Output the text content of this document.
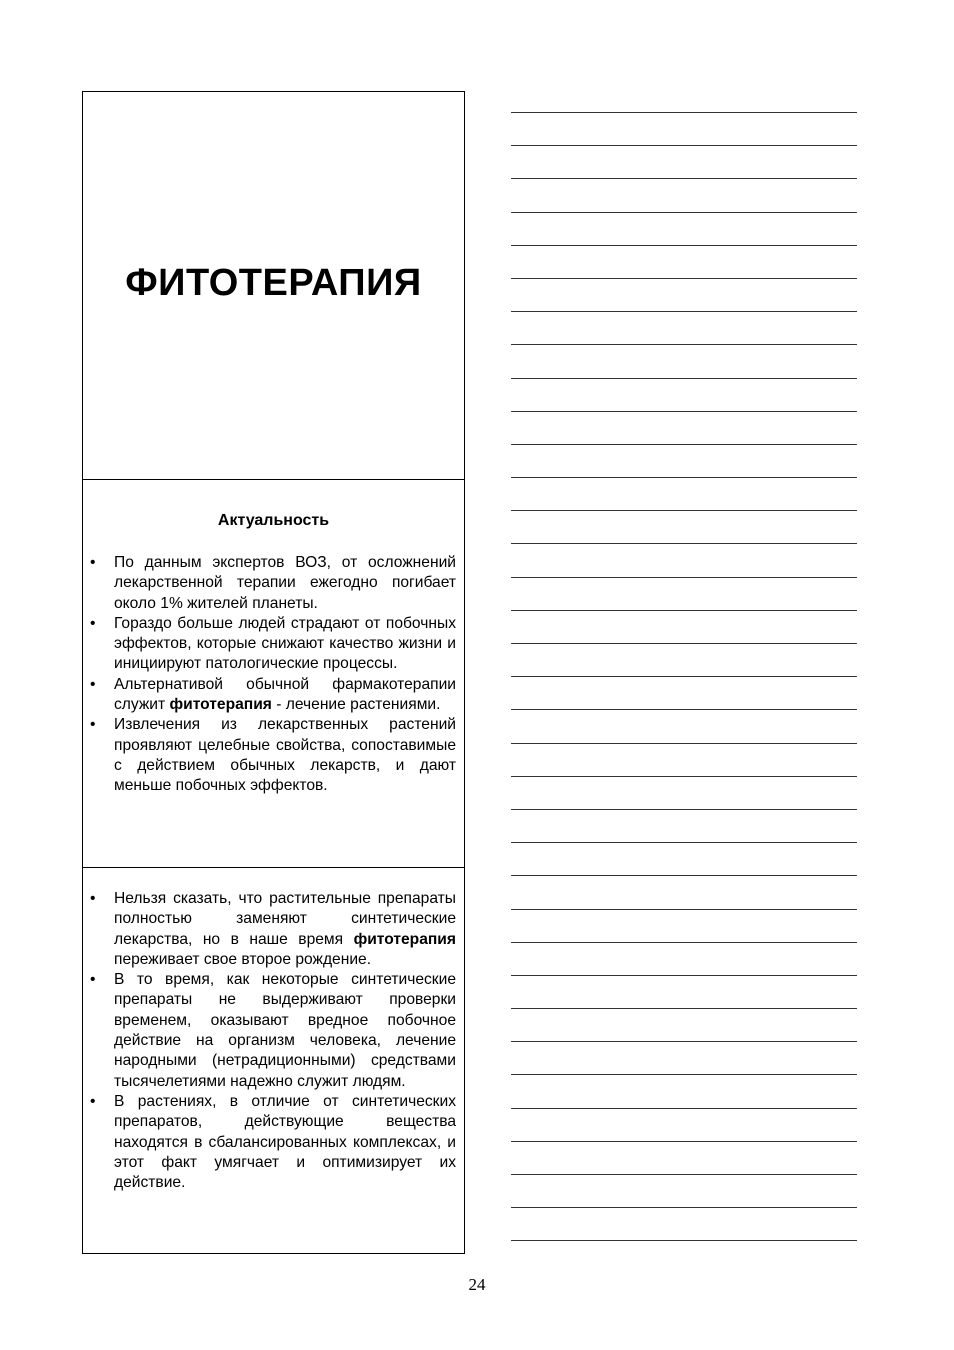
ФИТОТЕРАПИЯ
Актуальность
• По данным экспертов ВОЗ, от осложнений лекарственной терапии ежегодно погибает около 1% жителей планеты.
• Гораздо больше людей страдают от побочных эффектов, которые снижают качество жизни и инициируют патологические процессы.
• Альтернативой обычной фармакотерапии служит фитотерапия - лечение растениями.
• Извлечения из лекарственных растений проявляют целебные свойства, сопоставимые с действием обычных лекарств, и дают меньше побочных эффектов.
• Нельзя сказать, что растительные препараты полностью заменяют синтетические лекарства, но в наше время фитотерапия переживает свое второе рождение.
• В то время, как некоторые синтетические препараты не выдерживают проверки временем, оказывают вредное побочное действие на организм человека, лечение народными (нетрадиционными) средствами тысячелетиями надежно служит людям.
• В растениях, в отличие от синтетических препаратов, действующие вещества находятся в сбалансированных комплексах, и этот факт умягчает и оптимизирует их действие.
24
